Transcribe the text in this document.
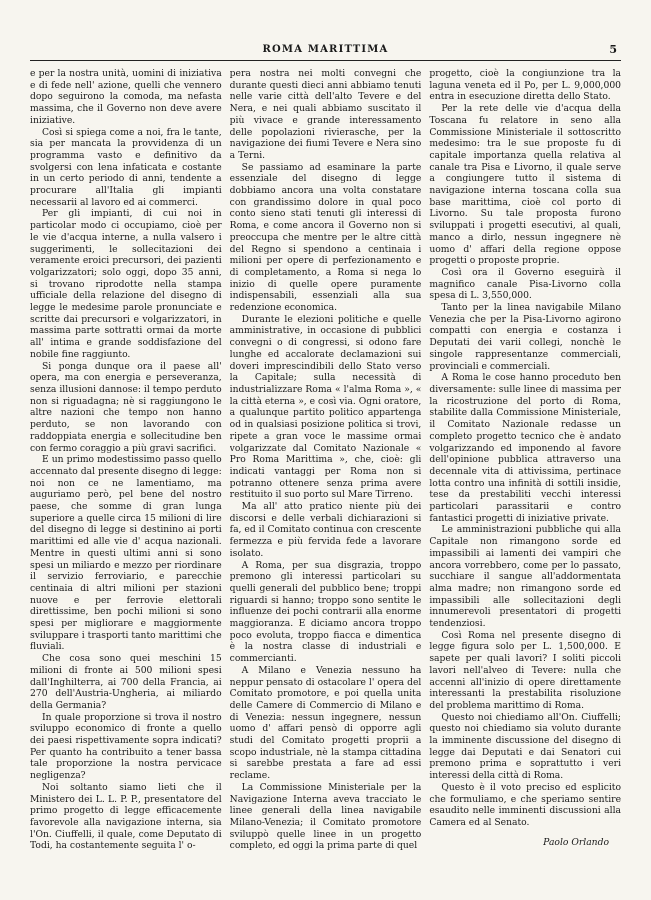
ROMA MARITTIMA	5

e per la nostra unità, uomini di iniziativa e di fede nell' azione, quelli che vennero dopo seguirono la comoda, ma nefasta massima, che il Governo non deve avere iniziative.

Così si spiega come a noi, fra le tante, sia per mancata la provvidenza di un programma vasto e definitivo da svolgersi con lena infaticata e costante in un certo periodo di anni, tendente a procurare all'Italia gli impianti necessarii al lavoro ed ai commerci.

Per gli impianti, di cui noi in particolar modo ci occupiamo, cioè per le vie d'acqua interne, a nulla valsero i suggerimenti, le sollecitazioni dei veramente eroici precursori, dei pazienti volgarizzatori; solo oggi, dopo 35 anni, si trovano riprodotte nella stampa ufficiale della relazione del disegno di legge le medesime parole pronunciate e scritte dai precursori e volgarizzatori, in massima parte sottratti ormai da morte all' intima e grande soddisfazione del nobile fine raggiunto.

Si ponga dunque ora il paese all' opera, ma con energia e perseveranza, senza illusioni dannose: il tempo perduto non si riguadagna; nè si raggiungono le altre nazioni che tempo non hanno perduto, se non lavorando con raddoppiata energia e sollecitudine ben con fermo coraggio a più gravi sacrifici.

E un primo modestissimo passo quello accennato dal presente disegno di legge: noi non ce ne lamentiamo, ma auguriamo però, pel bene del nostro paese, che somme di gran lunga superiore a quelle circa 15 milioni di lire del disegno di legge si destinino ai porti marittimi ed alle vie d' acqua nazionali. Mentre in questi ultimi anni si sono spesi un miliardo e mezzo per riordinare il servizio ferroviario, e parecchie centinaia di altri milioni per stazioni nuove e per ferrovie elettorali direttissime, ben pochi milioni si sono spesi per migliorare e maggiormente sviluppare i trasporti tanto marittimi che fluviali.

Che cosa sono quei meschini 15 milioni di fronte ai 500 milioni spesi dall'Inghilterra, ai 700 della Francia, ai 270 dell'Austria-Ungheria, ai miliardo della Germania?

In quale proporzione si trova il nostro sviluppo economico di fronte a quello dei paesi rispettivamente sopra indicati? Per quanto ha contribuito a tener bassa tale proporzione la nostra pervicace negligenza?

Noi soltanto siamo lieti che il Ministero dei L. L. P. P., presentatore del primo progetto di legge efficacemente favorevole alla navigazione interna, sia l'On. Ciuffelli, il quale, come Deputato di Todi, ha costantemente seguita l' o-

pera nostra nei molti convegni che durante questi dieci anni abbiamo tenuti nelle varie città dell'alto Tevere e del Nera, e nei quali abbiamo suscitato il più vivace e grande interessamento delle popolazioni rivierasche, per la navigazione dei fiumi Tevere e Nera sino a Terni.

Se passiamo ad esaminare la parte essenziale del disegno di legge dobbiamo ancora una volta constatare con grandissimo dolore in qual poco conto sieno stati tenuti gli interessi di Roma, e come ancora il Governo non si preoccupa che mentre per le altre città del Regno si spendono a centinaia i milioni per opere di perfezionamento e di completamento, a Roma si nega lo inizio di quelle opere puramente indispensabili, essenziali alla sua redenzione economica.

Durante le elezioni politiche e quelle amministrative, in occasione di pubblici convegni o di congressi, si odono fare lunghe ed accalorate declamazioni sui doveri imprescindibili dello Stato verso la Capitale; sulla necessità di industrializzare Roma « l'alma Roma », « la città eterna », e così via. Ogni oratore, a qualunque partito politico appartenga od in qualsiasi posizione politica si trovi, ripete a gran voce le massime ormai volgarizzate dal Comitato Nazionale « Pro Roma Marittima », che, cioè: gli indicati vantaggi per Roma non si potranno ottenere senza prima avere restituito il suo porto sul Mare Tirreno.

Ma all' atto pratico niente più dei discorsi e delle verbali dichiarazioni si fa, ed il Comitato continua con crescente fermezza e più fervida fede a lavorare isolato.

A Roma, per sua disgrazia, troppo premono gli interessi particolari su quelli generali del pubblico bene; troppi riguardi si hanno; troppo sono sentite le influenze dei pochi contrarii alla enorme maggioranza. E diciamo ancora troppo poco evoluta, troppo fiacca e dimentica è la nostra classe di industriali e commercianti.

A Milano e Venezia nessuno ha neppur pensato di ostacolare l' opera del Comitato promotore, e poi quella unita delle Camere di Commercio di Milano e di Venezia: nessun ingegnere, nessun uomo d' affari pensò di opporre agli studi del Comitato progetti proprii a scopo industriale, nè la stampa cittadina si sarebbe prestata a fare ad essi reclame.

La Commissione Ministeriale per la Navigazione Interna aveva tracciato le linee generali della linea navigabile Milano-Venezia; il Comitato promotore sviluppò quelle linee in un progetto completo, ed oggi la prima parte di quel

progetto, cioè la congiunzione tra la laguna veneta ed il Po, per L. 9,000,000 entra in esecuzione diretta dello Stato.

Per la rete delle vie d'acqua della Toscana fu relatore in seno alla Commissione Ministeriale il sottoscritto medesimo: tra le sue proposte fu di capitale importanza quella relativa al canale tra Pisa e Livorno, il quale serve a congiungere tutto il sistema di navigazione interna toscana colla sua base marittima, cioè col porto di Livorno. Su tale proposta furono sviluppati i progetti esecutivi, al quali, manco a dirlo, nessun ingegnere nè uomo d' affari della regione oppose progetti o proposte proprie.

Così ora il Governo eseguirà il magnifico canale Pisa-Livorno colla spesa di L. 3,550,000.

Tanto per la linea navigabile Milano Venezia che per la Pisa-Livorno agirono compatti con energia e costanza i Deputati dei varii collegi, nonchè le singole rappresentanze commerciali, provinciali e commerciali.

A Roma le cose hanno proceduto ben diversamente: sulle linee di massima per la ricostruzione del porto di Roma, stabilite dalla Commissione Ministeriale, il Comitato Nazionale redasse un completo progetto tecnico che è andato volgarizzando ed imponendo al favore dell'opinione pubblica attraverso una decennale vita di attivissima, pertinace lotta contro una infinità di sottili insidie, tese da prestabiliti vecchi interessi particolari parassitarii e contro fantastici progetti di iniziative private.

Le amministrazioni pubbliche qui alla Capitale non rimangono sorde ed impassibili ai lamenti dei vampiri che ancora vorrebbero, come per lo passato, succhiare il sangue all'addormentata alma madre; non rimangono sorde ed impassibili alle sollecitazioni degli innumerevoli presentatori di progetti tendenziosi.

Così Roma nel presente disegno di legge figura solo per L. 1,500,000. E sapete per quali lavori? I soliti piccoli lavori nell'alveo di Tevere: nulla che accenni all'inizio di opere direttamente interessanti la prestabilita risoluzione del problema marittimo di Roma.

Questo noi chiediamo all'On. Ciuffelli; questo noi chiediamo sia voluto durante la imminente discussione del disegno di legge dai Deputati e dai Senatori cui premono prima e soprattutto i veri interessi della città di Roma.

Questo è il voto preciso ed esplicito che formuliamo, e che speriamo sentire esaudito nelle imminenti discussioni alla Camera ed al Senato.

Paolo Orlando
